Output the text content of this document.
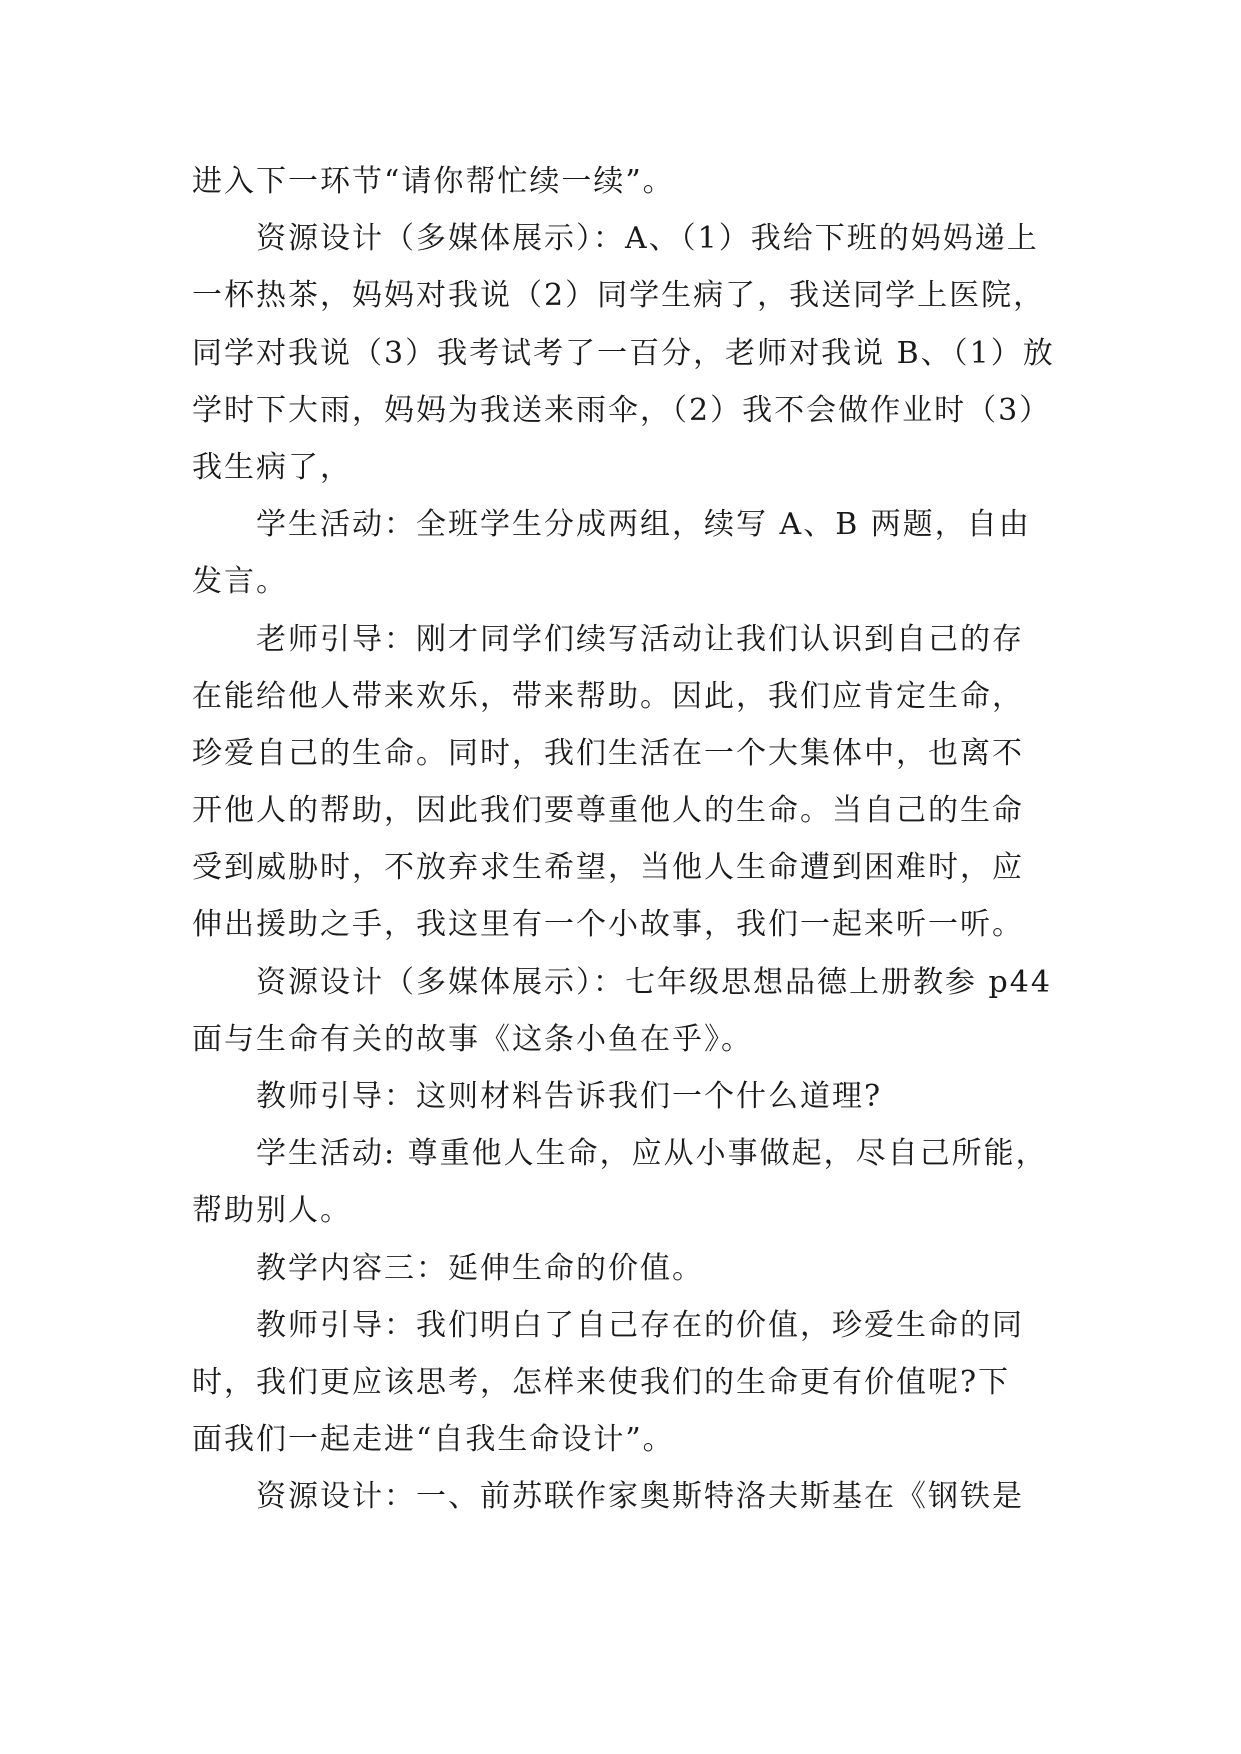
进入下一环节“请你帮忙续一续”。
资源设计（多媒体展示）：A、（1）我给下班的妈妈递上
一杯热茶，妈妈对我说（2）同学生病了，我送同学上医院，
同学对我说（3）我考试考了一百分，老师对我说 B、（1）放
学时下大雨，妈妈为我送来雨伞，（2）我不会做作业时（3）
我生病了，
学生活动：全班学生分成两组，续写 A、B 两题，自由
发言。
老师引导：刚才同学们续写活动让我们认识到自己的存
在能给他人带来欢乐，带来帮助。因此，我们应肯定生命，
珍爱自己的生命。同时，我们生活在一个大集体中，也离不
开他人的帮助，因此我们要尊重他人的生命。当自己的生命
受到威胁时，不放弃求生希望，当他人生命遭到困难时，应
伸出援助之手，我这里有一个小故事，我们一起来听一听。
资源设计（多媒体展示）：七年级思想品德上册教参 p44
面与生命有关的故事《这条小鱼在乎》。
教师引导：这则材料告诉我们一个什么道理?
学生活动: 尊重他人生命，应从小事做起，尽自己所能，
帮助别人。
教学内容三：延伸生命的价值。
教师引导：我们明白了自己存在的价值，珍爱生命的同
时，我们更应该思考，怎样来使我们的生命更有价值呢?下
面我们一起走进“自我生命设计”。
资源设计：一、前苏联作家奥斯特洛夫斯基在《钢铁是
